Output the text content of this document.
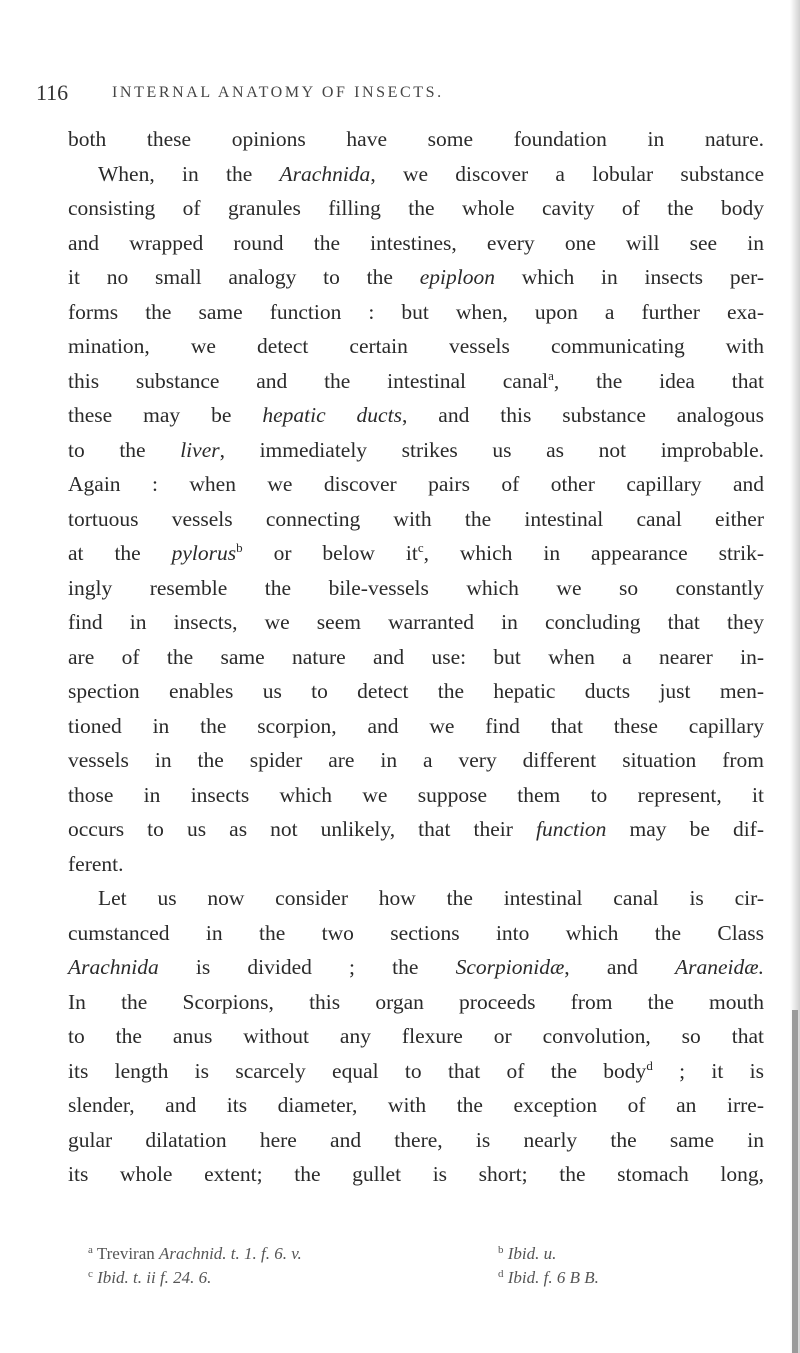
116	INTERNAL ANATOMY OF INSECTS.
both these opinions have some foundation in nature.
When, in the Arachnida, we discover a lobular substance
consisting of granules filling the whole cavity of the body
and wrapped round the intestines, every one will see in
it no small analogy to the epiploon which in insects per-
forms the same function : but when, upon a further exa-
mination, we detect certain vessels communicating with
this substance and the intestinal canal$^a$, the idea that
these may be hepatic ducts, and this substance analogous
to the liver, immediately strikes us as not improbable.
Again : when we discover pairs of other capillary and
tortuous vessels connecting with the intestinal canal either
at the pylorus$^b$ or below $it^c$, which in appearance strik-
ingly resemble the bile-vessels which we so constantly
find in insects, we seem warranted in concluding that they
are of the same nature and use: but when a nearer in-
spection enables us to detect the hepatic ducts just men-
tioned in the scorpion, and we find that these capillary
vessels in the spider are in a very different situation from
those in insects which we suppose them to represent, it
occurs to us as not unlikely, that their function may be dif-
ferent.
Let us now consider how the intestinal canal is cir-
cumstanced in the two sections into which the Class
Arachnida is divided ; the Scorpionidæ, and Araneidæ.
In the Scorpions, this organ proceeds from the mouth
to the anus without any flexure or convolution, so that
its length is scarcely equal to that of the body$^d$ ; it is
slender, and its diameter, with the exception of an irre-
gular dilatation here and there, is nearly the same in
its whole extent; the gullet is short; the stomach long,
$^a$ Treviran Arachnid. t. 1. f. 6. v.	$^b$ Ibid. u.
$^c$ Ibid. t. ii f. 24. 6.	$^d$ Ibid. f. 6 B B.
